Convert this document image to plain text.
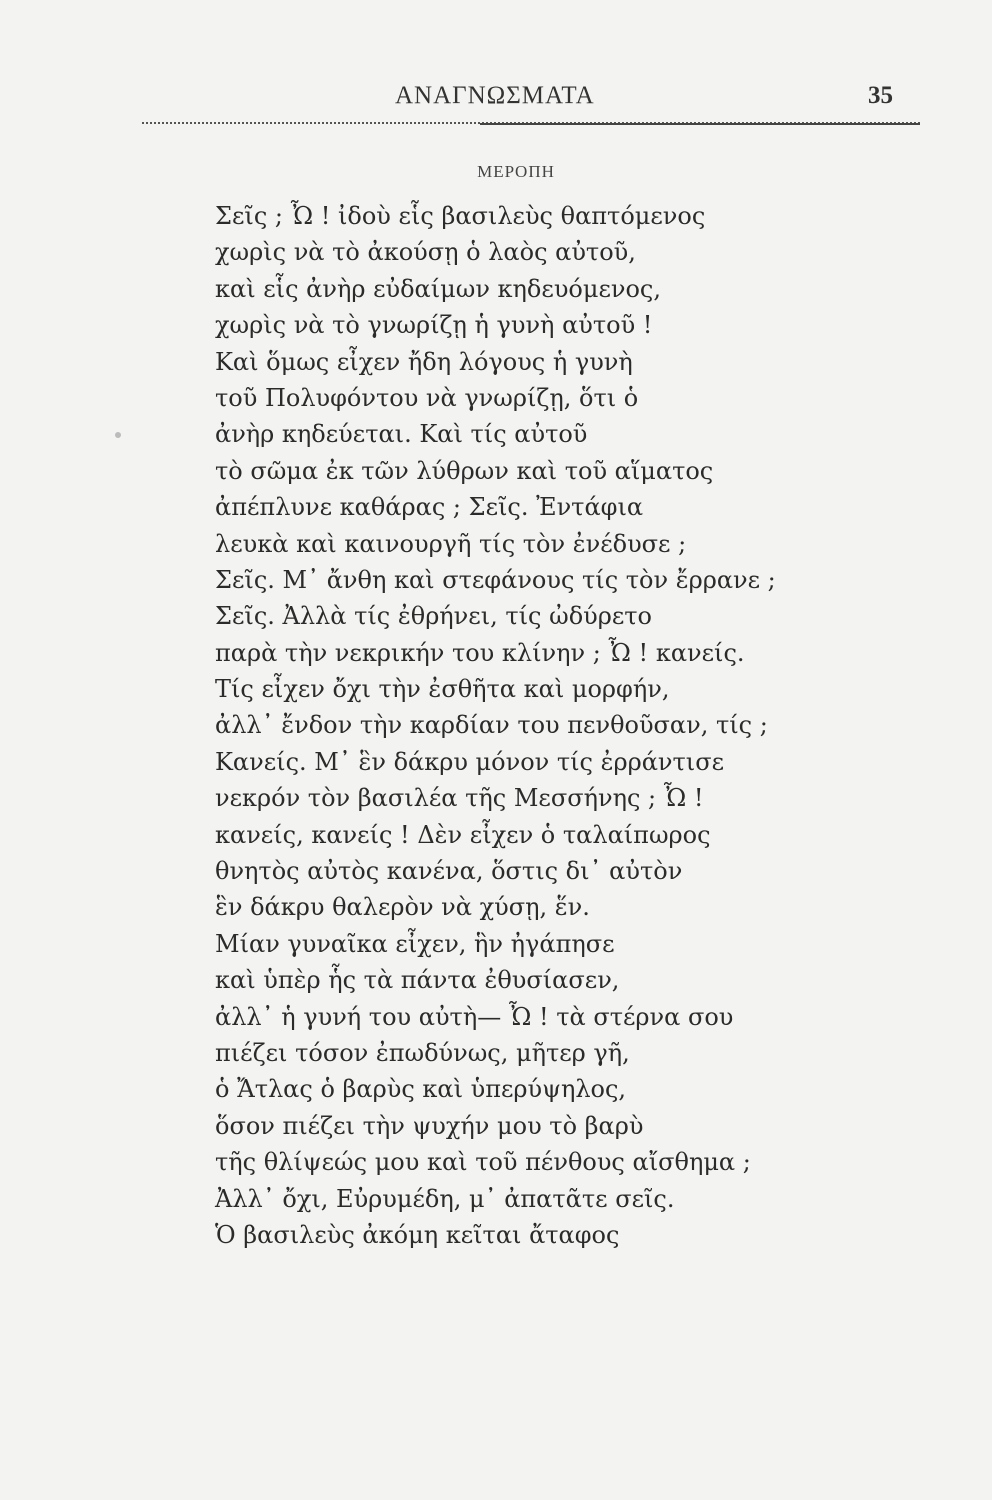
ΑΝΑΓΝΩΣΜΑΤΑ	35
ΜΕΡΟΠΗ
Σεῖς ; Ὦ ! ἰδοὺ εἷς βασιλεὺς θαπτόμενος
χωρὶς νὰ τὸ ἀκούσῃ ὁ λαὸς αὐτοῦ,
καὶ εἷς ἀνὴρ εὐδαίμων κηδευόμενος,
χωρὶς νὰ τὸ γνωρίζῃ ἡ γυνὴ αὐτοῦ !
Καὶ ὅμως εἶχεν ἤδη λόγους ἡ γυνὴ
τοῦ Πολυφόντου νὰ γνωρίζῃ, ὅτι ὁ
ἀνὴρ κηδεύεται. Καὶ τίς αὐτοῦ
τὸ σῶμα ἐκ τῶν λύθρων καὶ τοῦ αἵματος
ἀπέπλυνε καθάρας ; Σεῖς. Ἐντάφια
λευκὰ καὶ καινουργῆ τίς τὸν ἐνέδυσε ;
Σεῖς. Μ᾽ ἄνθη καὶ στεφάνους τίς τὸν ἔρρανε ;
Σεῖς. Ἀλλὰ τίς ἐθρήνει, τίς ὠδύρετο
παρὰ τὴν νεκρικήν του κλίνην ; Ὦ ! κανείς.
Τίς εἶχεν ὄχι τὴν ἐσθῆτα καὶ μορφήν,
ἀλλ᾽ ἔνδον τὴν καρδίαν του πενθοῦσαν, τίς ;
Κανείς. Μ᾽ ἓν δάκρυ μόνον τίς ἐρράντισε
νεκρόν τὸν βασιλέα τῆς Μεσσήνης ; Ὦ !
κανείς, κανείς ! Δὲν εἶχεν ὁ ταλαίπωρος
θνητὸς αὐτὸς κανένα, ὅστις δι᾽ αὐτὸν
ἓν δάκρυ θαλερὸν νὰ χύσῃ, ἕν.
Μίαν γυναῖκα εἶχεν, ἣν ἠγάπησε
καὶ ὑπὲρ ἧς τὰ πάντα ἐθυσίασεν,
ἀλλ᾽ ἡ γυνή του αὐτὴ— Ὦ ! τὰ στέρνα σου
πιέζει τόσον ἐπωδύνως, μῆτερ γῆ,
ὁ Ἄτλας ὁ βαρὺς καὶ ὑπερύψηλος,
ὅσον πιέζει τὴν ψυχήν μου τὸ βαρὺ
τῆς θλίψεώς μου καὶ τοῦ πένθους αἴσθημα ;
Ἀλλ᾽ ὄχι, Εὐρυμέδη, μ᾽ ἀπατᾶτε σεῖς.
Ὁ βασιλεὺς ἀκόμη κεῖται ἄταφος
